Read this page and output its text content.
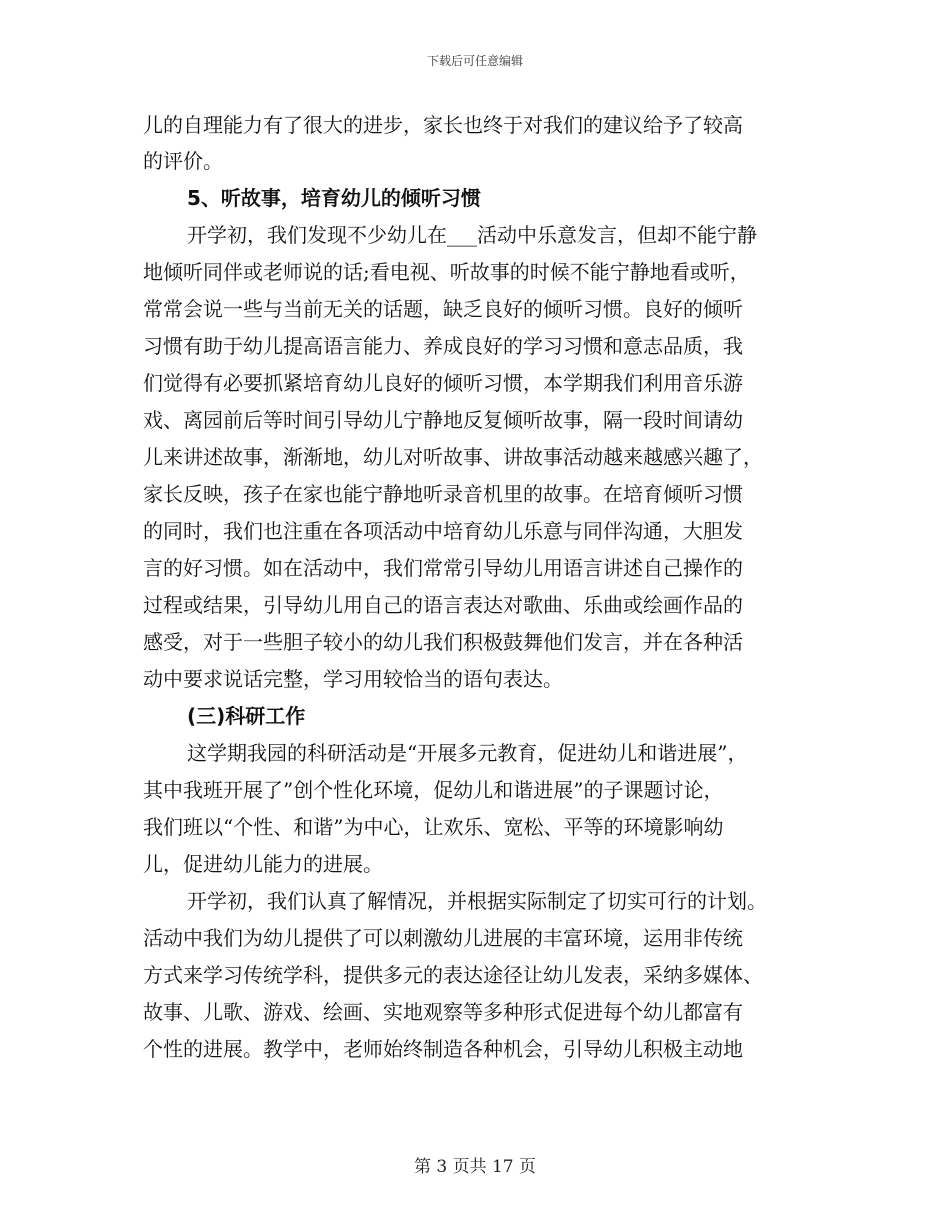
下载后可任意编辑
儿的自理能力有了很大的进步，家长也终于对我们的建议给予了较高
的评价。
5、听故事，培育幼儿的倾听习惯
开学初，我们发现不少幼儿在___活动中乐意发言，但却不能宁静
地倾听同伴或老师说的话;看电视、听故事的时候不能宁静地看或听，
常常会说一些与当前无关的话题，缺乏良好的倾听习惯。良好的倾听
习惯有助于幼儿提高语言能力、养成良好的学习习惯和意志品质，我
们觉得有必要抓紧培育幼儿良好的倾听习惯，本学期我们利用音乐游
戏、离园前后等时间引导幼儿宁静地反复倾听故事，隔一段时间请幼
儿来讲述故事，渐渐地，幼儿对听故事、讲故事活动越来越感兴趣了，
家长反映，孩子在家也能宁静地听录音机里的故事。在培育倾听习惯
的同时，我们也注重在各项活动中培育幼儿乐意与同伴沟通，大胆发
言的好习惯。如在活动中，我们常常引导幼儿用语言讲述自己操作的
过程或结果，引导幼儿用自己的语言表达对歌曲、乐曲或绘画作品的
感受，对于一些胆子较小的幼儿我们积极鼓舞他们发言，并在各种活
动中要求说话完整，学习用较恰当的语句表达。
(三)科研工作
这学期我园的科研活动是“开展多元教育，促进幼儿和谐进展”，
其中我班开展了”创个性化环境，促幼儿和谐进展”的子课题讨论，
我们班以“个性、和谐”为中心，让欢乐、宽松、平等的环境影响幼
儿，促进幼儿能力的进展。
开学初，我们认真了解情况，并根据实际制定了切实可行的计划。
活动中我们为幼儿提供了可以刺激幼儿进展的丰富环境，运用非传统
方式来学习传统学科，提供多元的表达途径让幼儿发表，采纳多媒体、
故事、儿歌、游戏、绘画、实地观察等多种形式促进每个幼儿都富有
个性的进展。教学中，老师始终制造各种机会，引导幼儿积极主动地
第 3 页共 17 页
